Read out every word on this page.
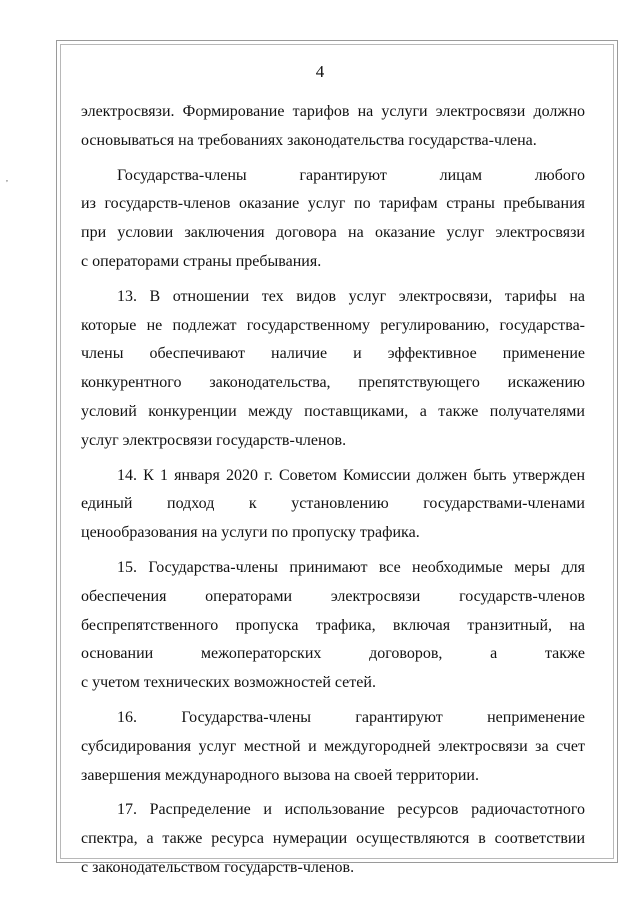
,
4
электросвязи. Формирование тарифов на услуги электросвязи должно
основываться на требованиях законодательства государства-члена.
Государства-члены гарантируют лицам любого
из государств-членов оказание услуг по тарифам страны пребывания
при условии заключения договора на оказание услуг электросвязи
с операторами страны пребывания.
13. В отношении тех видов услуг электросвязи, тарифы на
которые не подлежат государственному регулированию, государства-
члены обеспечивают наличие и эффективное применение
конкурентного законодательства, препятствующего искажению
условий конкуренции между поставщиками, а также получателями
услуг электросвязи государств-членов.
14. К 1 января 2020 г. Советом Комиссии должен быть утвержден
единый подход к установлению государствами-членами
ценообразования на услуги по пропуску трафика.
15. Государства-члены принимают все необходимые меры для
обеспечения операторами электросвязи государств-членов
беспрепятственного пропуска трафика, включая транзитный, на
основании межоператорских договоров, а также
с учетом технических возможностей сетей.
16. Государства-члены гарантируют неприменение
субсидирования услуг местной и междугородней электросвязи за счет
завершения международного вызова на своей территории.
17. Распределение и использование ресурсов радиочастотного
спектра, а также ресурса нумерации осуществляются в соответствии
с законодательством государств-членов.
